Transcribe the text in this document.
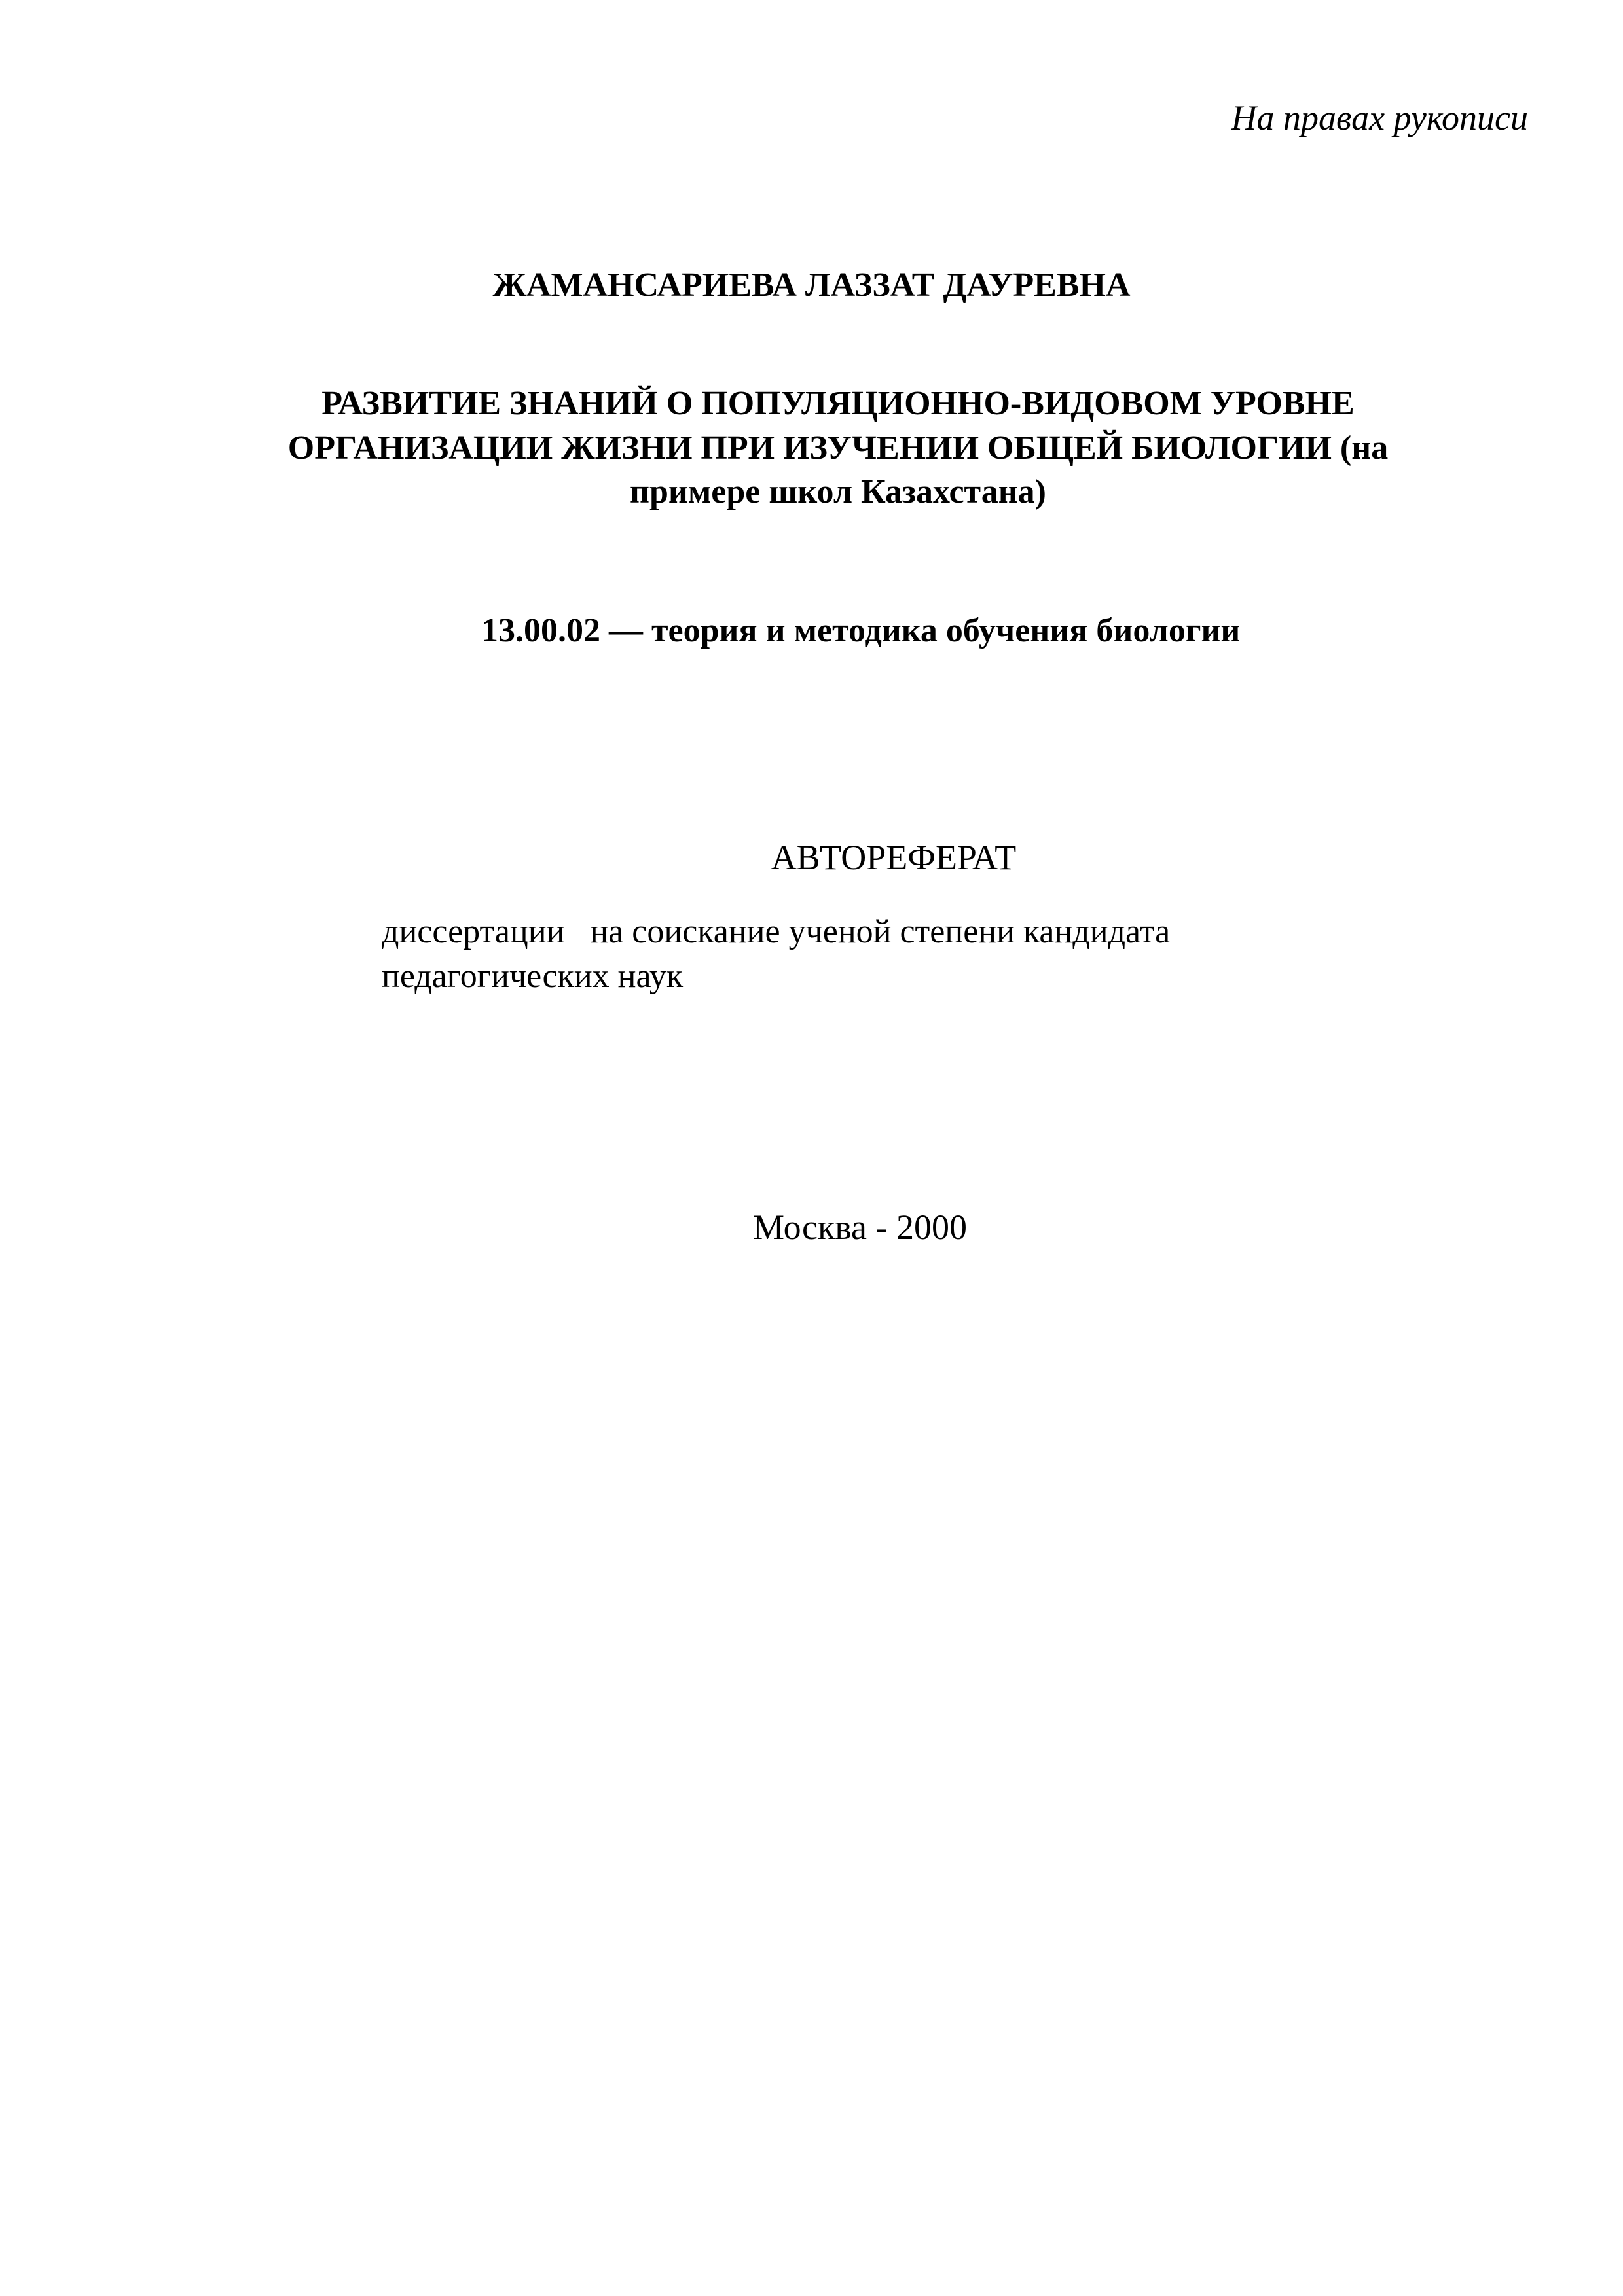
На правах рукописи
ЖАМАНСАРИЕВА ЛАЗЗАТ ДАУРЕВНА
РАЗВИТИЕ ЗНАНИЙ О ПОПУЛЯЦИОННО-ВИДОВОМ УРОВНЕ
ОРГАНИЗАЦИИ ЖИЗНИ ПРИ ИЗУЧЕНИИ ОБЩЕЙ БИОЛОГИИ (на
примере школ Казахстана)
13.00.02 — теория и методика обучения биологии
АВТОРЕФЕРАТ
диссертации   на соискание ученой степени кандидата
педагогических наук
Москва - 2000
